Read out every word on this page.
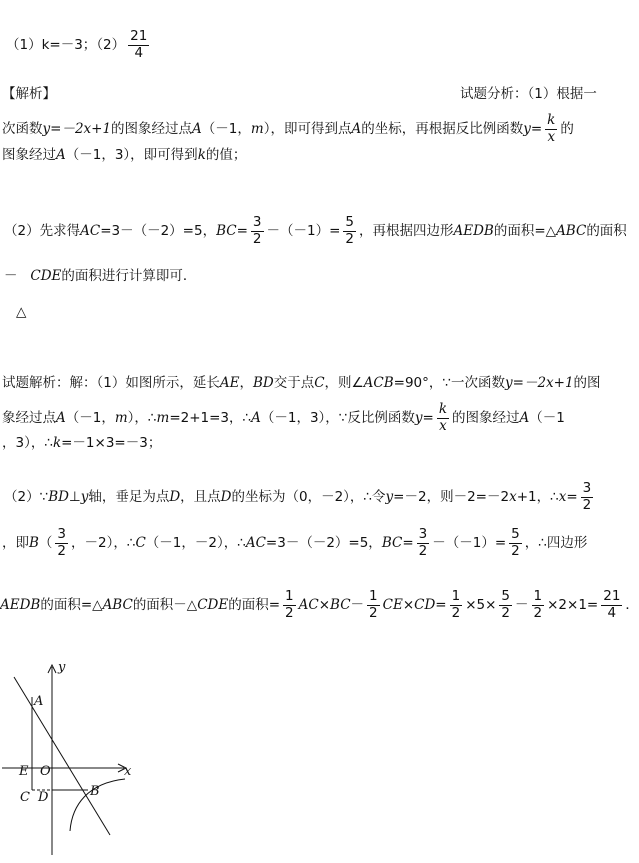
（1）k=－3；$(2) \frac{21}{4}$
【解析】	试题分析：（1）根据一
次函数y=－2x+1的图象经过点A（－1，m），即可得到点A的坐标，再根据反比例函数$y= \frac{k}{x}$ 的
图象经过A（－1，3），即可得到k的值；
（2）先求得AC=3－（－2）=5，$BC= \frac{3}{2} -(-1)= \frac{5}{2}$ ，再根据四边形AEDB的面积=△ABC的面积
－ CDE的面积进行计算即可．
△
试题解析：解：（1）如图所示，延长AE，BD交于点C，则∠ACB=90°，∵一次函数y=－2x+1的图
象经过点A（－1，m），∴m=2+1=3，∴A（－1，3），∵反比例函数$y= \frac{k}{x}$ 的图象经过A（－1
，3），∴k=－1×3=－3；
（2）∵BD⊥y轴，垂足为点D，且点D的坐标为（0，－2），∴令y=－2，则－2=－2x+1，∴x= $\frac{3}{2}$
，即$B( \frac{3}{2}$ ，－2），∴C（－1，－2），∴AC=3－（－2）=5，$BC= \frac{3}{2} -(-1)= \frac{5}{2}$ ，∴四边形
AEDB的面积=△ABC的面积－△CDE的面积= $\frac{1}{2} AC\times BC- \frac{1}{2} CE\times CD= \frac{1}{2} \times 5\times \frac{5}{2} - \frac{1}{2} \times 2\times 1= \frac{21}{4}$ ．
y
x
A
E O
C D	B
